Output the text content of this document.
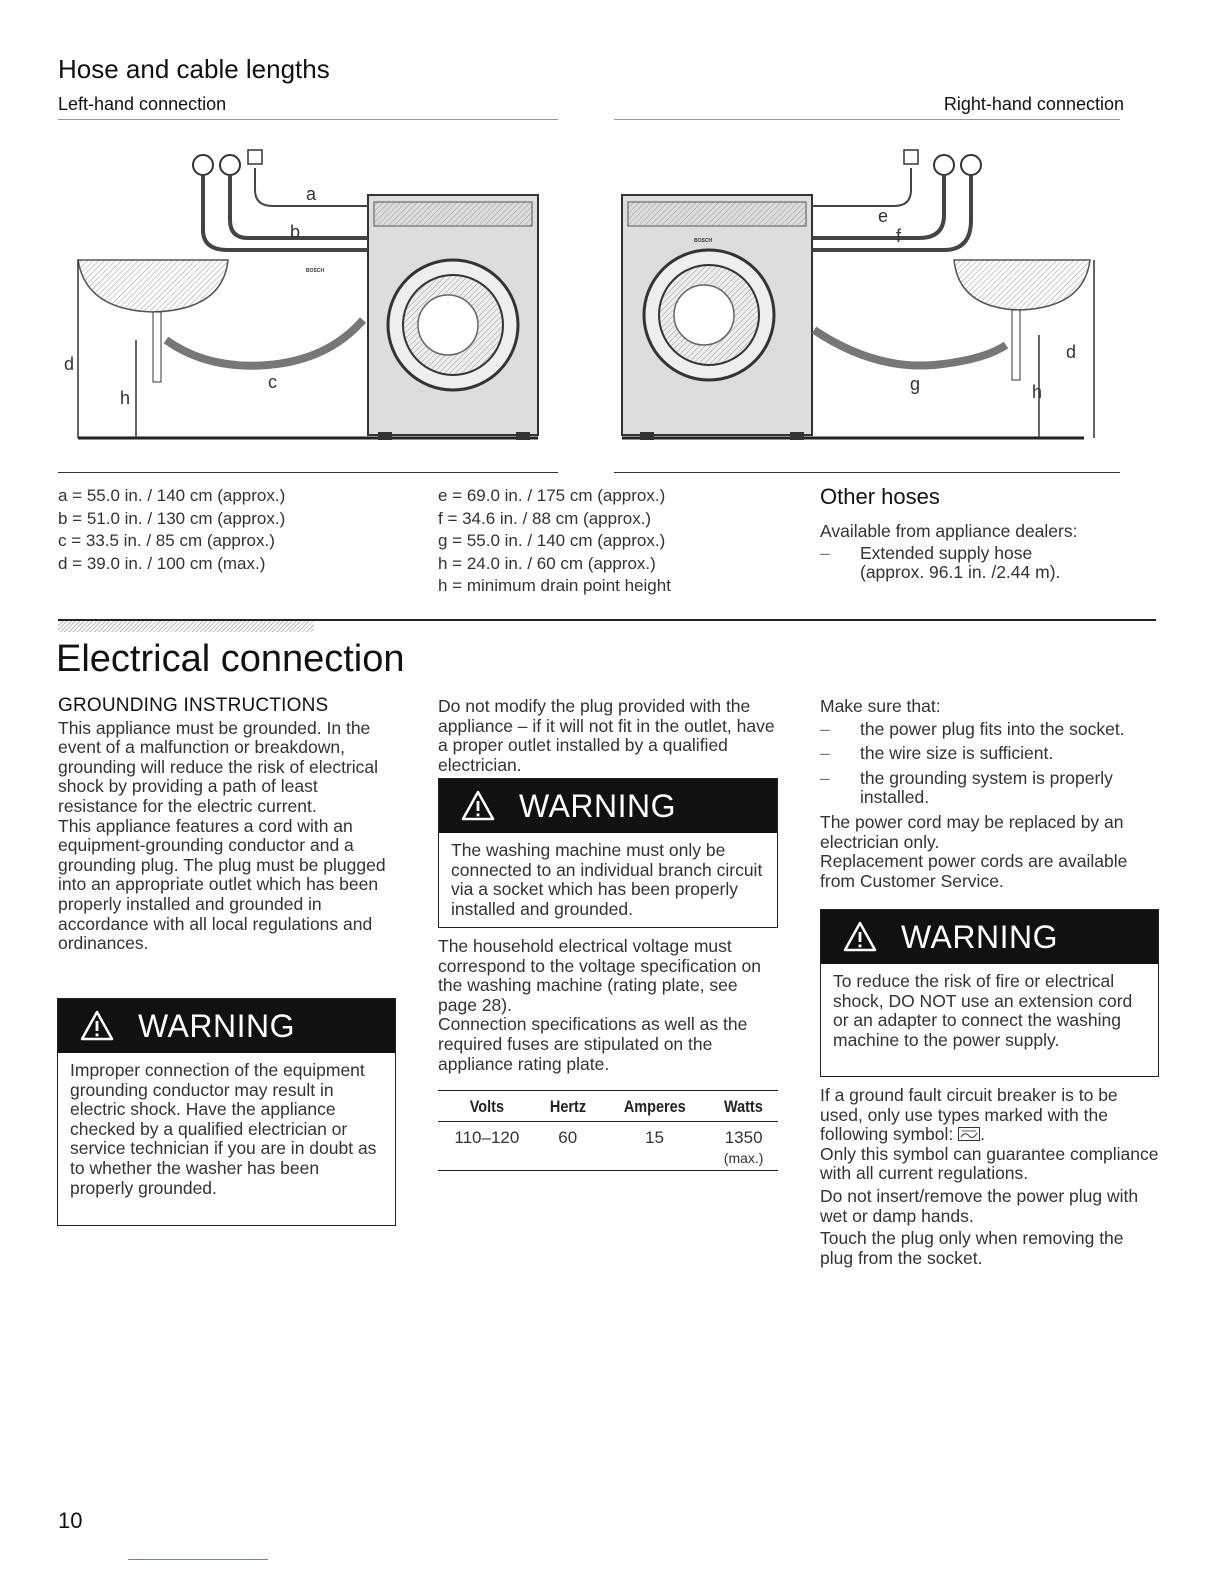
Hose and cable lengths
Left-hand connection	Right-hand connection
a
b
c
d
h
BOSCH
e
f
g
d
h
BOSCH
a = 55.0 in. / 140 cm (approx.)
b = 51.0 in. / 130 cm (approx.)
c = 33.5 in. / 85 cm (approx.)
d = 39.0 in. / 100 cm (max.)
e = 69.0 in. / 175 cm (approx.)
f = 34.6 in. / 88 cm (approx.)
g = 55.0 in. / 140 cm (approx.)
h = 24.0 in. / 60 cm (approx.)
h = minimum drain point height
Other hoses
Available from appliance dealers:
– Extended supply hose
(approx. 96.1 in. /2.44 m).
Electrical connection
GROUNDING INSTRUCTIONS

This appliance must be grounded. In the event of a malfunction or breakdown, grounding will reduce the risk of electrical shock by providing a path of least resistance for the electric current.

This appliance features a cord with an equipment-grounding conductor and a grounding plug. The plug must be plugged into an appropriate outlet which has been properly installed and grounded in accordance with all local regulations and ordinances.

WARNING
Improper connection of the equipment grounding conductor may result in electric shock. Have the appliance checked by a qualified electrician or service technician if you are in doubt as to whether the washer has been properly grounded.

Do not modify the plug provided with the appliance – if it will not fit in the outlet, have a proper outlet installed by a qualified electrician.

WARNING
The washing machine must only be connected to an individual branch circuit via a socket which has been properly installed and grounded.

The household electrical voltage must correspond to the voltage specification on the washing machine (rating plate, see page 28).

Connection specifications as well as the required fuses are stipulated on the appliance rating plate.

Volts	Hertz	Amperes	Watts
110–120	60	15	1350
(max.)

Make sure that:

– the power plug fits into the socket.
– the wire size is sufficient.
– the grounding system is properly installed.

The power cord may be replaced by an electrician only.

Replacement power cords are available from Customer Service.

WARNING
To reduce the risk of fire or electrical shock, DO NOT use an extension cord or an adapter to connect the washing machine to the power supply.

If a ground fault circuit breaker is to be used, only use types marked with the following symbol: .

Only this symbol can guarantee compliance with all current regulations.

Do not insert/remove the power plug with wet or damp hands.

Touch the plug only when removing the plug from the socket.

10
